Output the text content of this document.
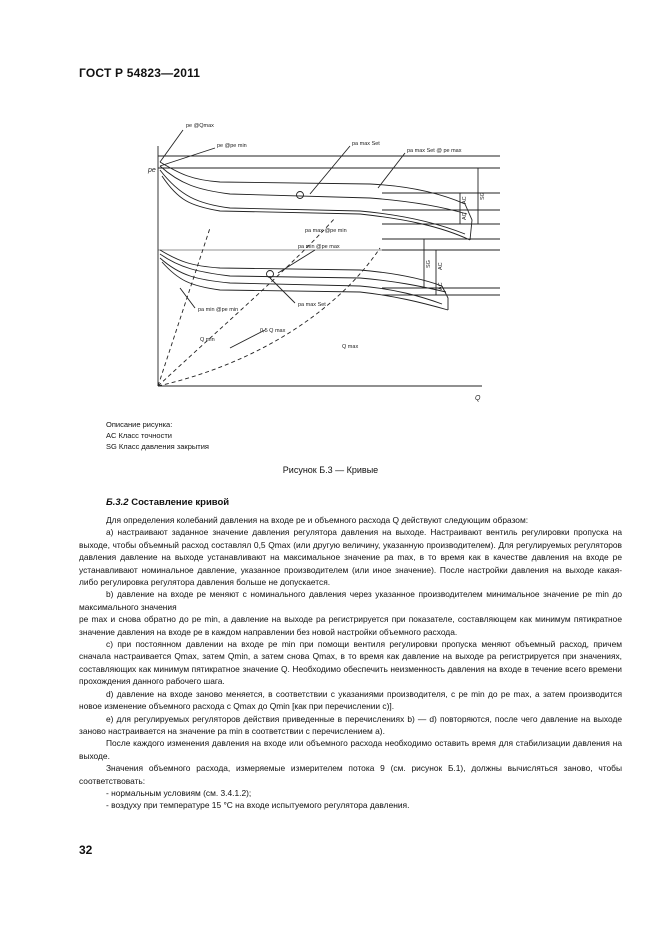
ГОСТ Р 54823—2011
pe @Qmax
pe @pe min
pe
pa max Set
pa max Set @ pe max
pa max @pe min
pa min @pe max
pa max Set
pa min @pe min
Q min
0,5 Q max
Q max
Q
AC
SG
AC
AC
SG
AC
Описание рисунка:
AC Класс точности
SG Класс давления закрытия
Рисунок Б.3 — Кривые
Б.3.2 Составление кривой

Для определения колебаний давления на входе pe и объемного расхода Q действуют следующим образом:

a) настраивают заданное значение давления регулятора давления на выходе. Настраивают вентиль регулировки пропуска на выходе, чтобы объемный расход составлял 0,5 Qmax (или другую величину, указанную производителем). Для регулируемых регуляторов давления давление на выходе устанавливают на максимальное значение pa max, в то время как в качестве давления на входе pe устанавливают номинальное давление, указанное производителем (или иное значение). После настройки давления на выходе какая-либо регулировка регулятора давления больше не допускается.

b) давление на входе pe меняют с номинального давления через указанное производителем минимальное значение pe min до максимального значения

pe max и снова обратно до pe min, а давление на выходе pa регистрируется при показателе, составляющем как минимум пятикратное значение давления на входе pe в каждом направлении без новой настройки объемного расхода.

c) при постоянном давлении на входе pe min при помощи вентиля регулировки пропуска меняют объемный расход, причем сначала настраивается Qmax, затем Qmin, а затем снова Qmax, в то время как давление на выходе pa регистрируется при значениях, составляющих как минимум пятикратное значение Q. Необходимо обеспечить неизменность давления на входе в течение всего времени прохождения данного рабочего шага.

d) давление на входе заново меняется, в соответствии с указаниями производителя, с pe min до pe max, а затем производится новое изменение объемного расхода с Qmax до Qmin [как при перечислении c)].

e) для регулируемых регуляторов действия приведенные в перечислениях b) — d) повторяются, после чего давление на выходе заново настраивается на значение pa min в соответствии с перечислением a).

После каждого изменения давления на входе или объемного расхода необходимо оставить время для стабилизации давления на выходе.

Значения объемного расхода, измеряемые измерителем потока 9 (см. рисунок Б.1), должны вычисляться заново, чтобы соответствовать:

- нормальным условиям (см. 3.4.1.2);

- воздуху при температуре 15 °С на входе испытуемого регулятора давления.

32
